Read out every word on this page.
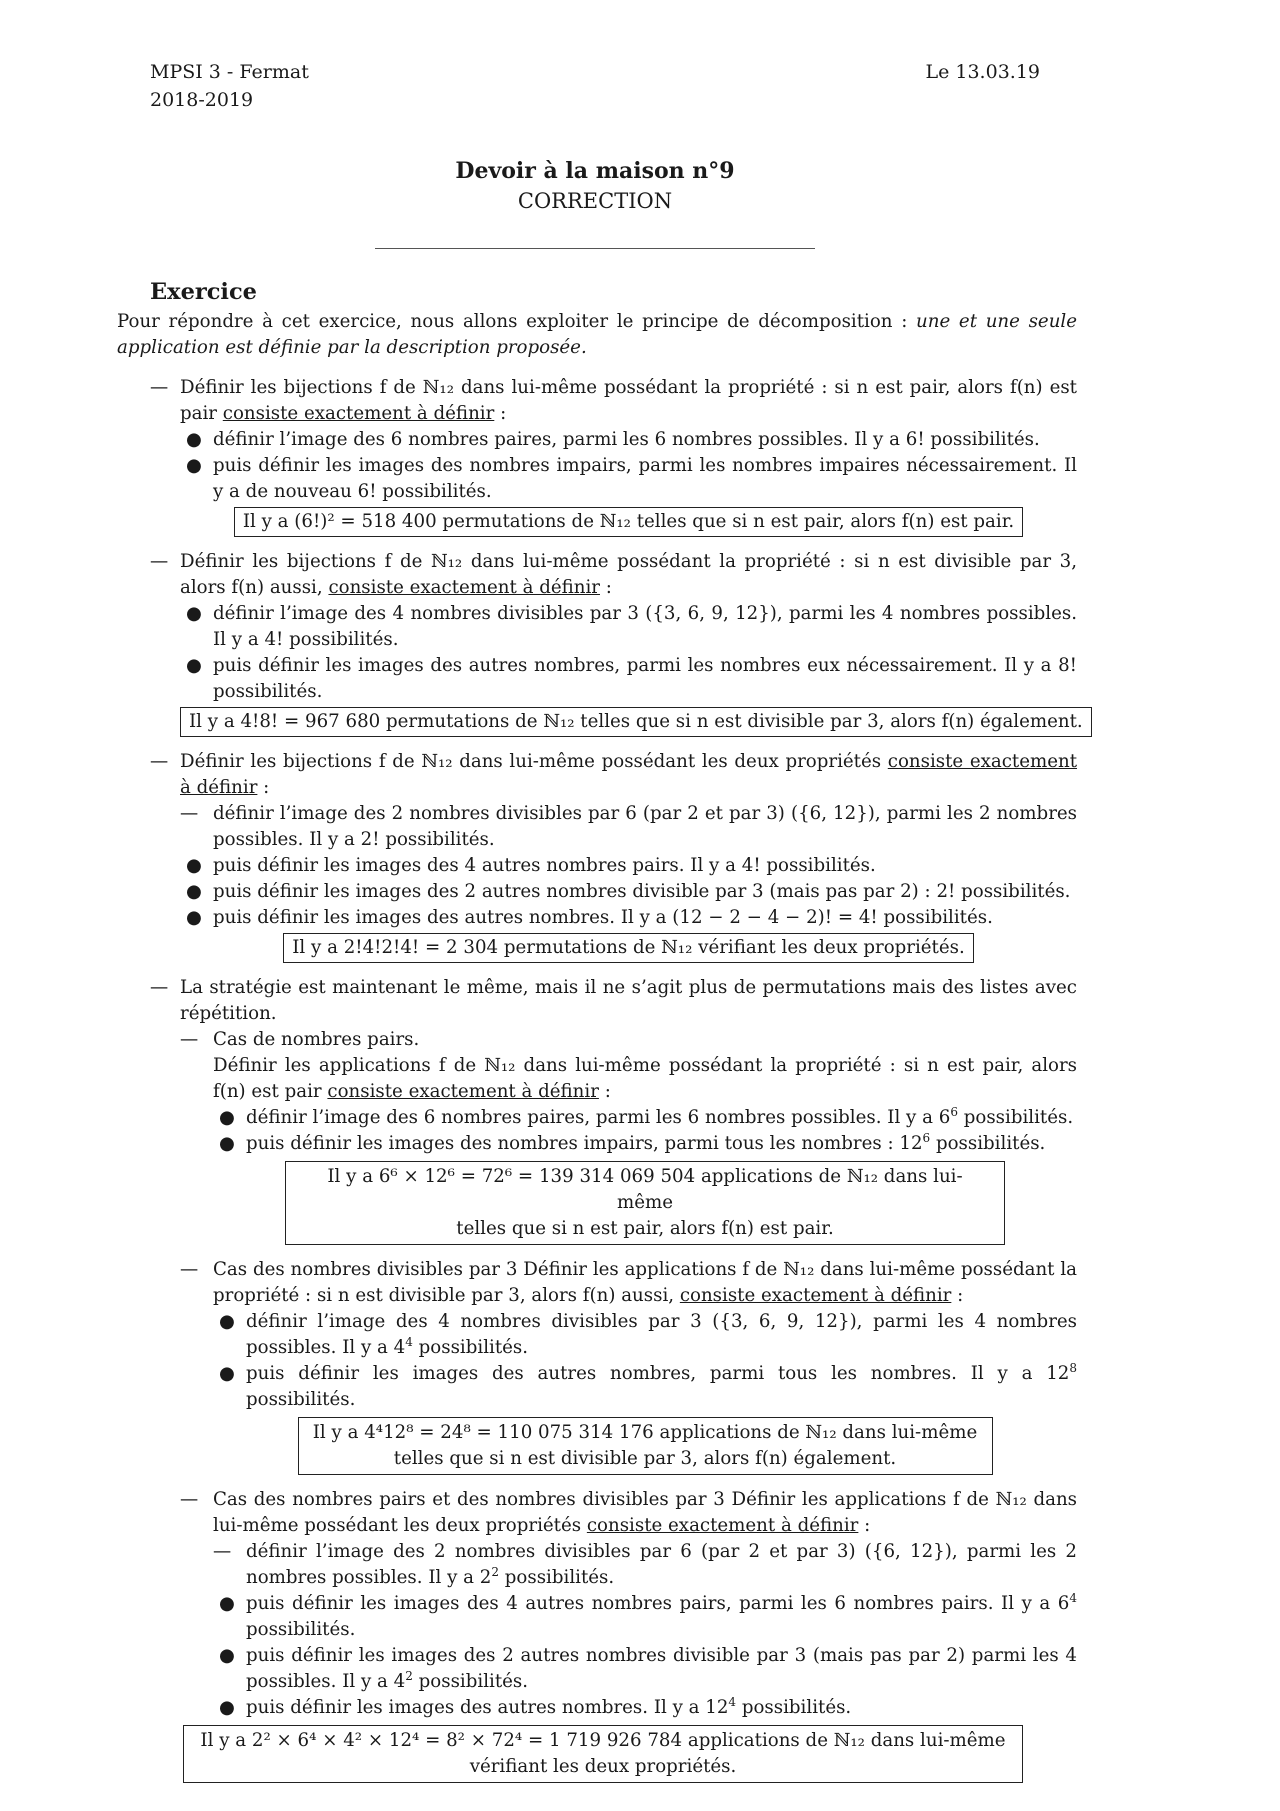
MPSI 3 - Fermat
2018-2019
Le 13.03.19
Devoir à la maison n°9
CORRECTION
Exercice
Pour répondre à cet exercice, nous allons exploiter le principe de décomposition : une et une seule application est définie par la description proposée.
— Définir les bijections f de ℕ₁₂ dans lui-même possédant la propriété : si n est pair, alors f(n) est pair consiste exactement à définir :
● définir l’image des 6 nombres paires, parmi les 6 nombres possibles. Il y a 6! possibilités.
● puis définir les images des nombres impairs, parmi les nombres impaires nécessairement. Il y a de nouveau 6! possibilités.
Il y a (6!)² = 518 400 permutations de ℕ₁₂ telles que si n est pair, alors f(n) est pair.
— Définir les bijections f de ℕ₁₂ dans lui-même possédant la propriété : si n est divisible par 3, alors f(n) aussi, consiste exactement à définir :
● définir l’image des 4 nombres divisibles par 3 ({3, 6, 9, 12}), parmi les 4 nombres possibles. Il y a 4! possibilités.
● puis définir les images des autres nombres, parmi les nombres eux nécessairement. Il y a 8! possibilités.
Il y a 4!8! = 967 680 permutations de ℕ₁₂ telles que si n est divisible par 3, alors f(n) également.
— Définir les bijections f de ℕ₁₂ dans lui-même possédant les deux propriétés consiste exactement à définir :
— définir l’image des 2 nombres divisibles par 6 (par 2 et par 3) ({6, 12}), parmi les 2 nombres possibles. Il y a 2! possibilités.
● puis définir les images des 4 autres nombres pairs. Il y a 4! possibilités.
● puis définir les images des 2 autres nombres divisible par 3 (mais pas par 2) : 2! possibilités.
● puis définir les images des autres nombres. Il y a (12 − 2 − 4 − 2)! = 4! possibilités.
Il y a 2!4!2!4! = 2 304 permutations de ℕ₁₂ vérifiant les deux propriétés.
— La stratégie est maintenant le même, mais il ne s’agit plus de permutations mais des listes avec répétition.
— Cas de nombres pairs.
Définir les applications f de ℕ₁₂ dans lui-même possédant la propriété : si n est pair, alors f(n) est pair consiste exactement à définir :
● définir l’image des 6 nombres paires, parmi les 6 nombres possibles. Il y a $6^6$ possibilités.
● puis définir les images des nombres impairs, parmi tous les nombres : $12^6$ possibilités.
Il y a 6⁶ × 12⁶ = 72⁶ = 139 314 069 504 applications de ℕ₁₂ dans lui-même
telles que si n est pair, alors f(n) est pair.
— Cas des nombres divisibles par 3 Définir les applications f de ℕ₁₂ dans lui-même possédant la propriété : si n est divisible par 3, alors f(n) aussi, consiste exactement à définir :
● définir l’image des 4 nombres divisibles par 3 ({3, 6, 9, 12}), parmi les 4 nombres possibles. Il y a $4^4$ possibilités.
● puis définir les images des autres nombres, parmi tous les nombres. Il y a $12^8$ possibilités.
Il y a 4⁴12⁸ = 24⁸ = 110 075 314 176 applications de ℕ₁₂ dans lui-même
telles que si n est divisible par 3, alors f(n) également.
— Cas des nombres pairs et des nombres divisibles par 3 Définir les applications f de ℕ₁₂ dans lui-même possédant les deux propriétés consiste exactement à définir :
— définir l’image des 2 nombres divisibles par 6 (par 2 et par 3) ({6, 12}), parmi les 2 nombres possibles. Il y a $2^2$ possibilités.
● puis définir les images des 4 autres nombres pairs, parmi les 6 nombres pairs. Il y a $6^4$ possibilités.
● puis définir les images des 2 autres nombres divisible par 3 (mais pas par 2) parmi les 4 possibles. Il y a $4^2$ possibilités.
● puis définir les images des autres nombres. Il y a $12^4$ possibilités.
Il y a 2² × 6⁴ × 4² × 12⁴ = 8² × 72⁴ = 1 719 926 784 applications de ℕ₁₂ dans lui-même
vérifiant les deux propriétés.
